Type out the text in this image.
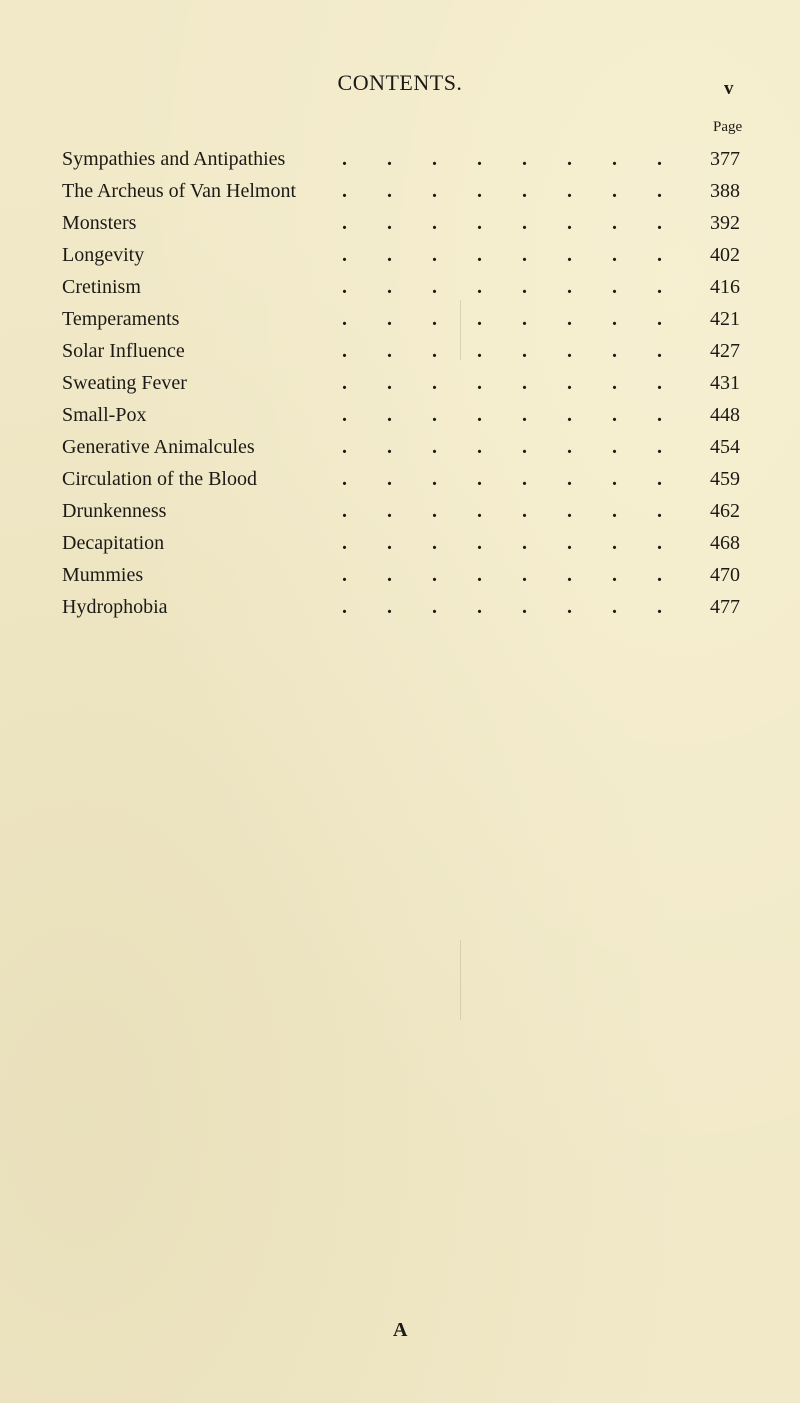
CONTENTS.	v
Page
Sympathies and Antipathies	.        .        .        .        .        .        .        .	377
The Archeus of Van Helmont .        .        .        .        .        .        .        .	388
Monsters	.        .        .        .        .        .        .        .	392
Longevity	.        .        .        .        .        .        .        .	402
Cretinism	.        .        .        .        .        .        .        .	416
Temperaments	.        .        .        .        .        .        .        .	421
Solar Influence	.        .        .        .        .        .        .        .	427
Sweating Fever	.        .        .        .        .        .        .        .	431
Small-Pox	.        .        .        .        .        .        .        .	448
Generative Animalcules	.        .        .        .        .        .        .        .	454
Circulation of the Blood	.        .        .        .        .        .        .        .	459
Drunkenness	.        .        .        .        .        .        .        .	462
Decapitation	.        .        .        .        .        .        .        .	468
Mummies	.        .        .        .        .        .        .        .	470
Hydrophobia	.        .        .        .        .        .        .        .	477
A
